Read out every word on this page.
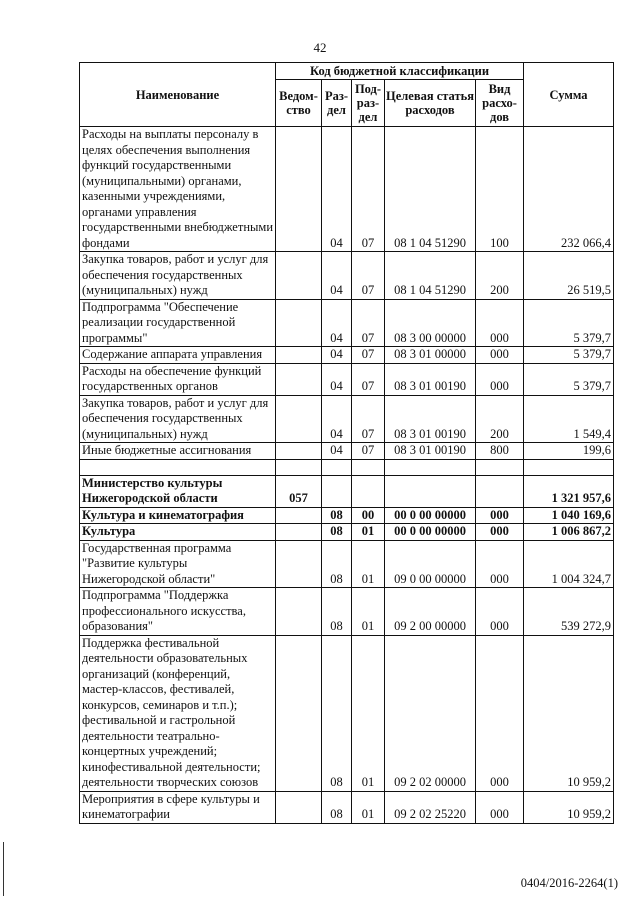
42
Наименование	Код бюджетной классификации					Сумма
	Ведом- ство	Раз- дел	Под- раз- дел	Целевая статья расходов	Вид расхо- дов	
Расходы на выплаты персоналу в целях обеспечения выполнения функций государственными (муниципальными) органами, казенными учреждениями, органами управления государственными внебюджетными фондами		04	07	08 1 04 51290	100	232 066,4
Закупка товаров, работ и услуг для обеспечения государственных (муниципальных) нужд		04	07	08 1 04 51290	200	26 519,5
Подпрограмма "Обеспечение реализации государственной программы"		04	07	08 3 00 00000	000	5 379,7
Содержание аппарата управления		04	07	08 3 01 00000	000	5 379,7
Расходы на обеспечение функций государственных органов		04	07	08 3 01 00190	000	5 379,7
Закупка товаров, работ и услуг для обеспечения государственных (муниципальных) нужд		04	07	08 3 01 00190	200	1 549,4
Иные бюджетные ассигнования		04	07	08 3 01 00190	800	199,6

Министерство культуры Нижегородской области	057					1 321 957,6
Культура и кинематография		08	00	00 0 00 00000	000	1 040 169,6
Культура		08	01	00 0 00 00000	000	1 006 867,2
Государственная программа "Развитие культуры Нижегородской области"		08	01	09 0 00 00000	000	1 004 324,7
Подпрограмма "Поддержка профессионального искусства, образования"		08	01	09 2 00 00000	000	539 272,9
Поддержка фестивальной деятельности образовательных организаций (конференций, мастер-классов, фестивалей, конкурсов, семинаров и т.п.); фестивальной и гастрольной деятельности театрально-концертных учреждений; кинофестивальной деятельности; деятельности творческих союзов		08	01	09 2 02 00000	000	10 959,2
Мероприятия в сфере культуры и кинематографии		08	01	09 2 02 25220	000	10 959,2
0404/2016-2264(1)
